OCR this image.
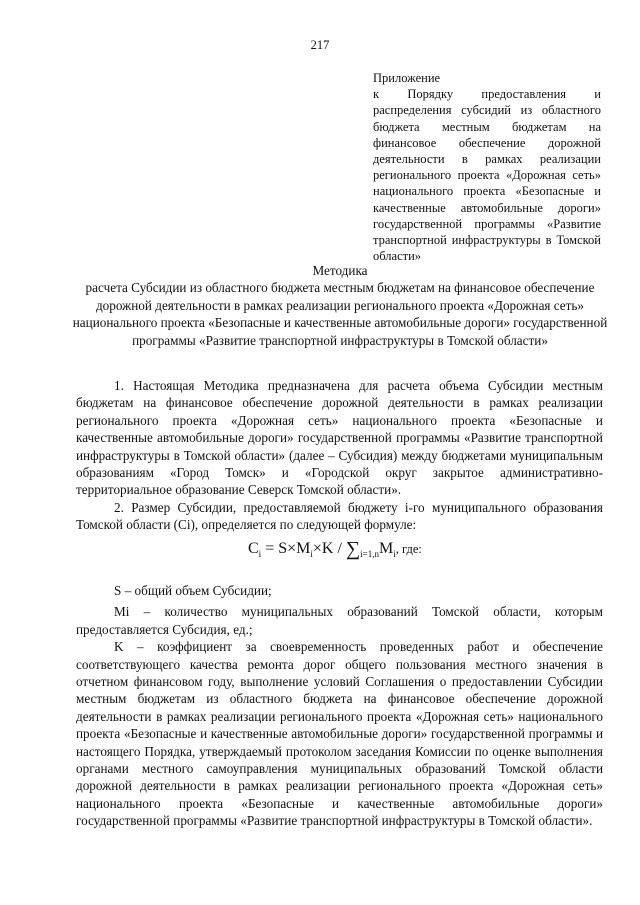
217
Приложение
к Порядку предоставления и распределения субсидий из областного бюджета местным бюджетам на финансовое обеспечение дорожной деятельности в рамках реализации регионального проекта «Дорожная сеть» национального проекта «Безопасные и качественные автомобильные дороги» государственной программы «Развитие транспортной инфраструктуры в Томской области»
Методика
расчета Субсидии из областного бюджета местным бюджетам на финансовое обеспечение дорожной деятельности в рамках реализации регионального проекта «Дорожная сеть» национального проекта «Безопасные и качественные автомобильные дороги» государственной программы «Развитие транспортной инфраструктуры в Томской области»

1. Настоящая Методика предназначена для расчета объема Субсидии местным бюджетам на финансовое обеспечение дорожной деятельности в рамках реализации регионального проекта «Дорожная сеть» национального проекта «Безопасные и качественные автомобильные дороги» государственной программы «Развитие транспортной инфраструктуры в Томской области» (далее – Субсидия) между бюджетами муниципальным образованиям «Город Томск» и «Городской округ закрытое административно-территориальное образование Северск Томской области».

2. Размер Субсидии, предоставляемой бюджету i-го муниципального образования Томской области (Ci), определяется по следующей формуле:

$C_i = S\times M_i\times K / \sum_{i=1,n}M_i$, где:

S – общий объем Субсидии;

Mi – количество муниципальных образований Томской области, которым предоставляется Субсидия, ед.;

K – коэффициент за своевременность проведенных работ и обеспечение соответствующего качества ремонта дорог общего пользования местного значения в отчетном финансовом году, выполнение условий Соглашения о предоставлении Субсидии местным бюджетам из областного бюджета на финансовое обеспечение дорожной деятельности в рамках реализации регионального проекта «Дорожная сеть» национального проекта «Безопасные и качественные автомобильные дороги» государственной программы и настоящего Порядка, утверждаемый протоколом заседания Комиссии по оценке выполнения органами местного самоуправления муниципальных образований Томской области дорожной деятельности в рамках реализации регионального проекта «Дорожная сеть» национального проекта «Безопасные и качественные автомобильные дороги» государственной программы «Развитие транспортной инфраструктуры в Томской области».
